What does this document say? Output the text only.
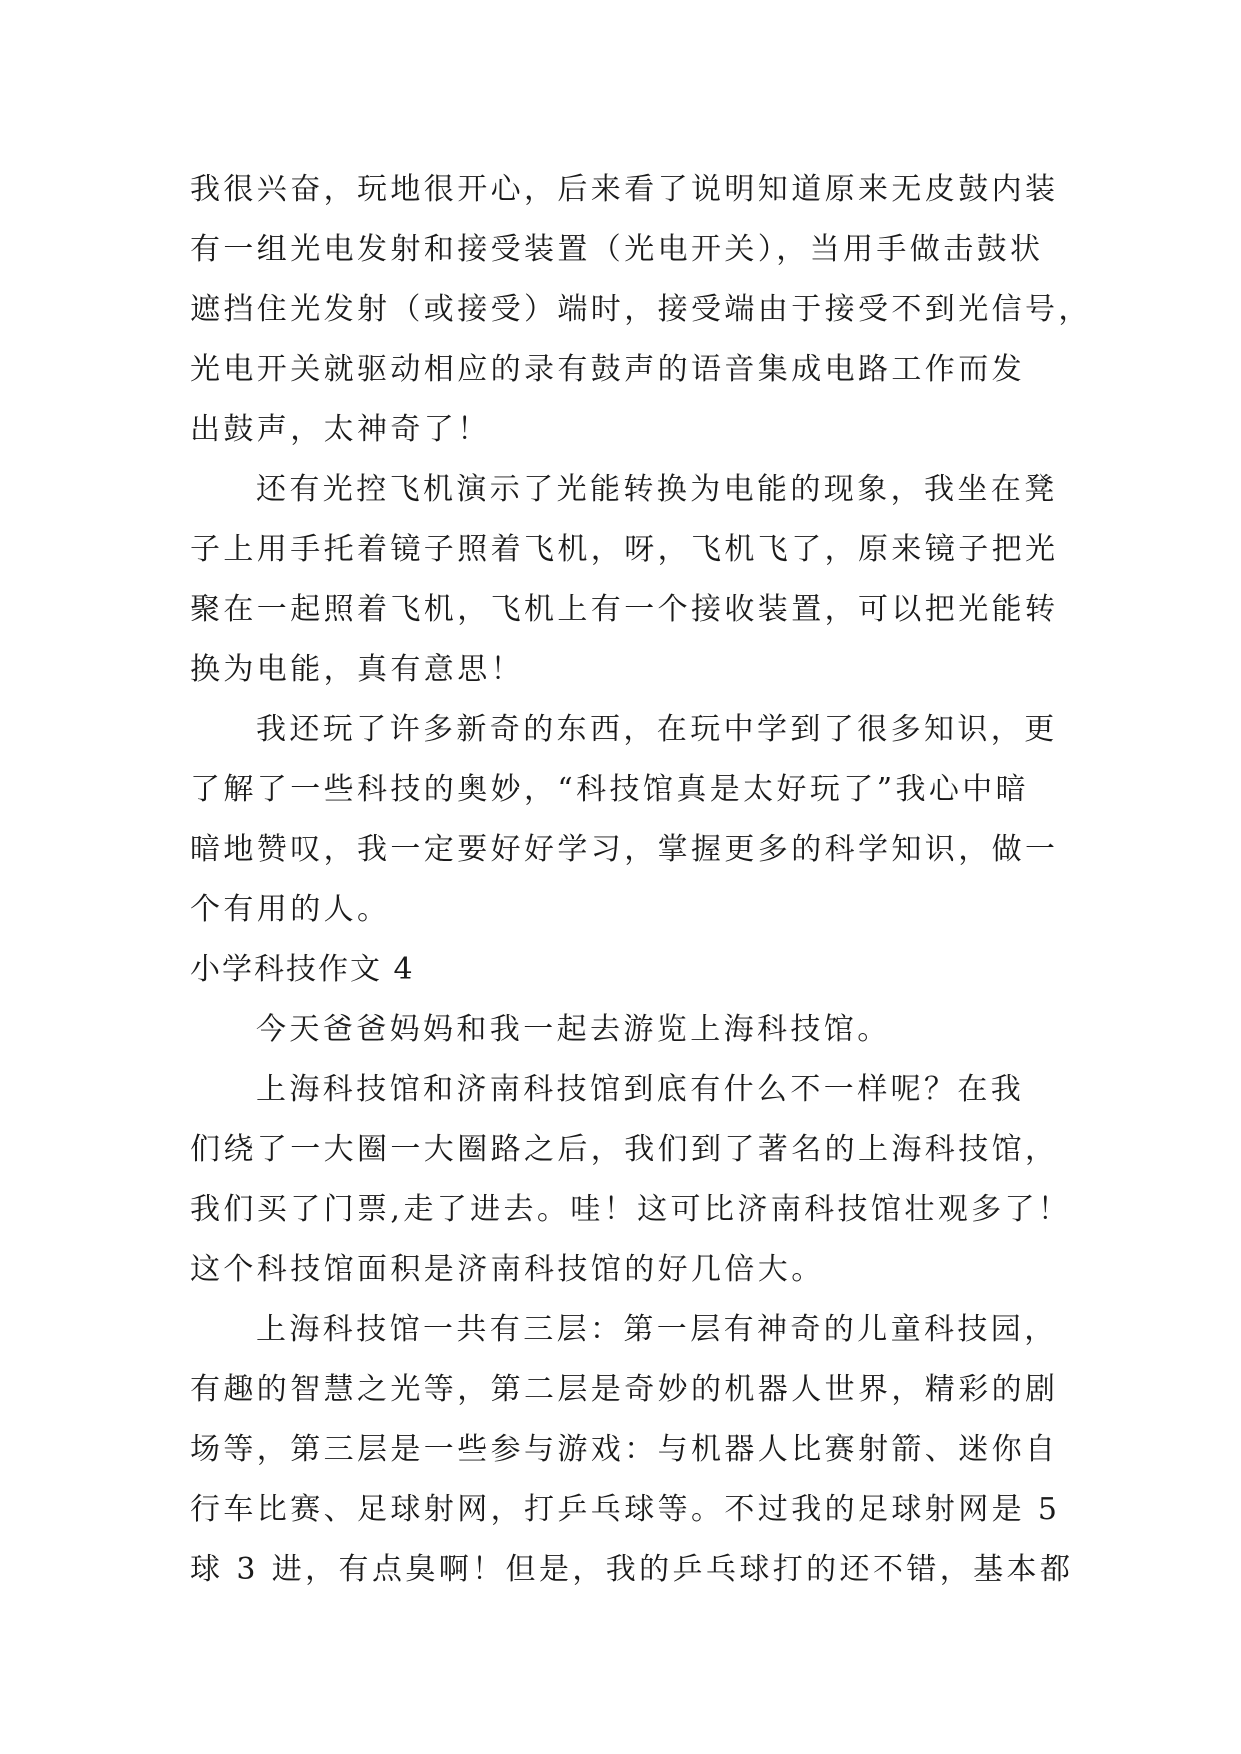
我很兴奋，玩地很开心，后来看了说明知道原来无皮鼓内装
有一组光电发射和接受装置（光电开关），当用手做击鼓状
遮挡住光发射（或接受）端时，接受端由于接受不到光信号，
光电开关就驱动相应的录有鼓声的语音集成电路工作而发
出鼓声，太神奇了！
还有光控飞机演示了光能转换为电能的现象，我坐在凳
子上用手托着镜子照着飞机，呀，飞机飞了，原来镜子把光
聚在一起照着飞机，飞机上有一个接收装置，可以把光能转
换为电能，真有意思！
我还玩了许多新奇的东西，在玩中学到了很多知识，更
了解了一些科技的奥妙，“科技馆真是太好玩了”我心中暗
暗地赞叹，我一定要好好学习，掌握更多的科学知识，做一
个有用的人。
小学科技作文 4
今天爸爸妈妈和我一起去游览上海科技馆。
上海科技馆和济南科技馆到底有什么不一样呢？在我
们绕了一大圈一大圈路之后，我们到了著名的上海科技馆，
我们买了门票,走了进去。哇！这可比济南科技馆壮观多了！
这个科技馆面积是济南科技馆的好几倍大。
上海科技馆一共有三层：第一层有神奇的儿童科技园，
有趣的智慧之光等，第二层是奇妙的机器人世界，精彩的剧
场等，第三层是一些参与游戏：与机器人比赛射箭、迷你自
行车比赛、足球射网，打乒乓球等。不过我的足球射网是 5
球 3 进，有点臭啊！但是，我的乒乓球打的还不错，基本都
